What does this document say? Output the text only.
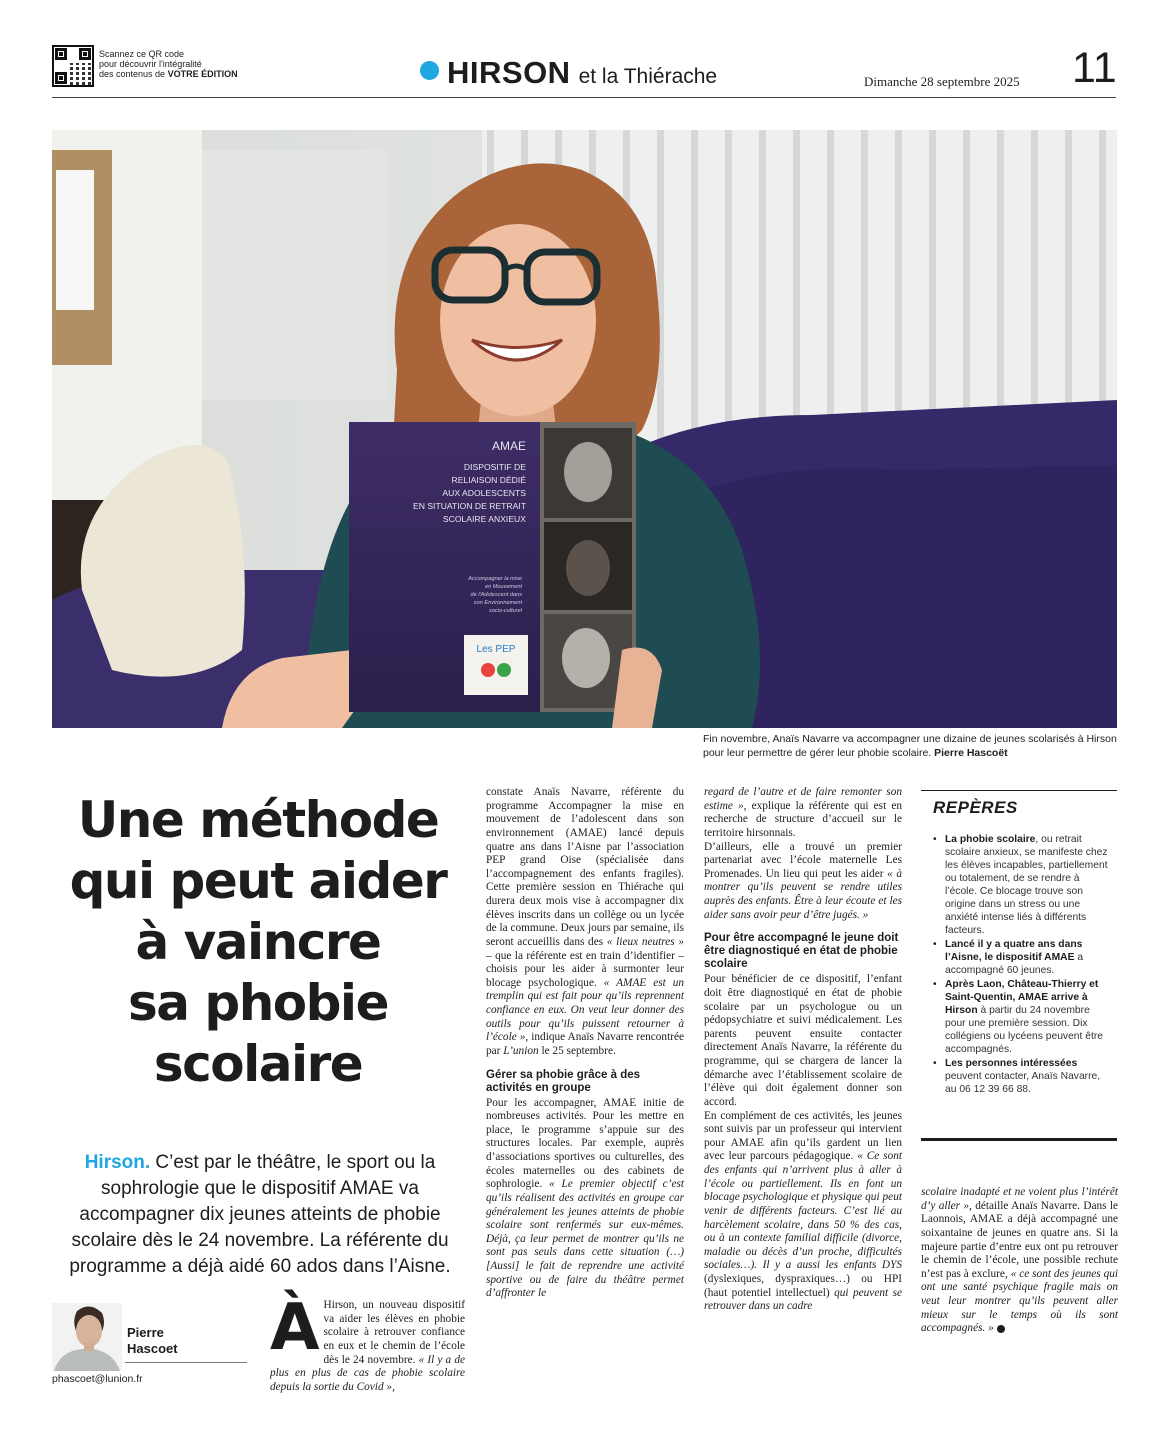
Scannez ce QR code
pour découvrir l'intégralité
des contenus de VOTRE ÉDITION	HIRSON et la Thiérache	Dimanche 28 septembre 2025 11
Les PEP
AMAE
DISPOSITIF DE
RELIAISON DÉDIÉ
AUX ADOLESCENTS
EN SITUATION DE RETRAIT
SCOLAIRE ANXIEUX
Accompagner la mise
en Mouvement
de l'Adolescent dans
son Environnement
socio-culturel
Fin novembre, Anaïs Navarre va accompagner une dizaine de jeunes scolarisés à Hirson pour leur permettre de gérer leur phobie scolaire. Pierre Hascoët
Une méthode
qui peut aider
à vaincre
sa phobie
scolaire
Hirson. C’est par le théâtre, le sport ou la sophrologie que le dispositif AMAE va accompagner dix jeunes atteints de phobie scolaire dès le 24 novembre. La référente du programme a déjà aidé 60 ados dans l’Aisne.
Pierre
Hascoet
phascoet@lunion.fr
À Hirson, un nouveau dispositif va aider les élèves en phobie scolaire à retrouver confiance en eux et le chemin de l’école dès le 24 novembre. « Il y a de plus en plus de cas de phobie scolaire depuis la sortie du Covid »,

constate Anaïs Navarre, référente du programme Accompagner la mise en mouvement de l’adolescent dans son environnement (AMAE) lancé depuis quatre ans dans l’Aisne par l’association PEP grand Oise (spécialisée dans l’accompagnement des enfants fragiles). Cette première session en Thiérache qui durera deux mois vise à accompagner dix élèves inscrits dans un collège ou un lycée de la commune. Deux jours par semaine, ils seront accueillis dans des « lieux neutres » – que la référente est en train d’identifier – choisis pour les aider à surmonter leur blocage psychologique. « AMAE est un tremplin qui est fait pour qu’ils reprennent confiance en eux. On veut leur donner des outils pour qu’ils puissent retourner à l’école », indique Anaïs Navarre rencontrée par L’union le 25 septembre.

Gérer sa phobie grâce à des activités en groupe

Pour les accompagner, AMAE initie de nombreuses activités. Pour les mettre en place, le programme s’appuie sur des structures locales. Par exemple, auprès d’associations sportives ou culturelles, des écoles maternelles ou des cabinets de sophrologie. « Le premier objectif c’est qu’ils réalisent des activités en groupe car généralement les jeunes atteints de phobie scolaire sont renfermés sur eux-mêmes. Déjà, ça leur permet de montrer qu’ils ne sont pas seuls dans cette situation (…) [Aussi] le fait de reprendre une activité sportive ou de faire du théâtre permet d’affronter le

regard de l’autre et de faire remonter son estime », explique la référente qui est en recherche de structure d’accueil sur le territoire hirsonnais.

D’ailleurs, elle a trouvé un premier partenariat avec l’école maternelle Les Promenades. Un lieu qui peut les aider « à montrer qu’ils peuvent se rendre utiles auprès des enfants. Être à leur écoute et les aider sans avoir peur d’être jugés. »

Pour être accompagné le jeune doit être diagnostiqué en état de phobie scolaire

Pour bénéficier de ce dispositif, l’enfant doit être diagnostiqué en état de phobie scolaire par un psychologue ou un pédopsychiatre et suivi médicalement. Les parents peuvent ensuite contacter directement Anaïs Navarre, la référente du programme, qui se chargera de lancer la démarche avec l’établissement scolaire de l’élève qui doit également donner son accord.

En complément de ces activités, les jeunes sont suivis par un professeur qui intervient pour AMAE afin qu’ils gardent un lien avec leur parcours pédagogique. « Ce sont des enfants qui n’arrivent plus à aller à l’école ou partiellement. Ils en font un blocage psychologique et physique qui peut venir de différents facteurs. C’est lié au harcèlement scolaire, dans 50 % des cas, ou à un contexte familial difficile (divorce, maladie ou décès d’un proche, difficultés sociales…). Il y a aussi les enfants DYS (dyslexiques, dyspraxiques…) ou HPI (haut potentiel intellectuel) qui peuvent se retrouver dans un cadre

REPÈRES
• La phobie scolaire, ou retrait scolaire anxieux, se manifeste chez les élèves incapables, partiellement ou totalement, de se rendre à l’école. Ce blocage trouve son origine dans un stress ou une anxiété intense liés à différents facteurs.
• Lancé il y a quatre ans dans l’Aisne, le dispositif AMAE a accompagné 60 jeunes.
• Après Laon, Château-Thierry et Saint-Quentin, AMAE arrive à Hirson à partir du 24 novembre pour une première session. Dix collégiens ou lycéens peuvent être accompagnés.
• Les personnes intéressées peuvent contacter, Anaïs Navarre, au 06 12 39 66 88.

scolaire inadapté et ne voient plus l’intérêt d’y aller », détaille Anaïs Navarre. Dans le Laonnois, AMAE a déjà accompagné une soixantaine de jeunes en quatre ans. Si la majeure partie d’entre eux ont pu retrouver le chemin de l’école, une possible rechute n’est pas à exclure, « ce sont des jeunes qui ont une santé psychique fragile mais on veut leur montrer qu’ils peuvent aller mieux sur le temps où ils sont accompagnés. »
